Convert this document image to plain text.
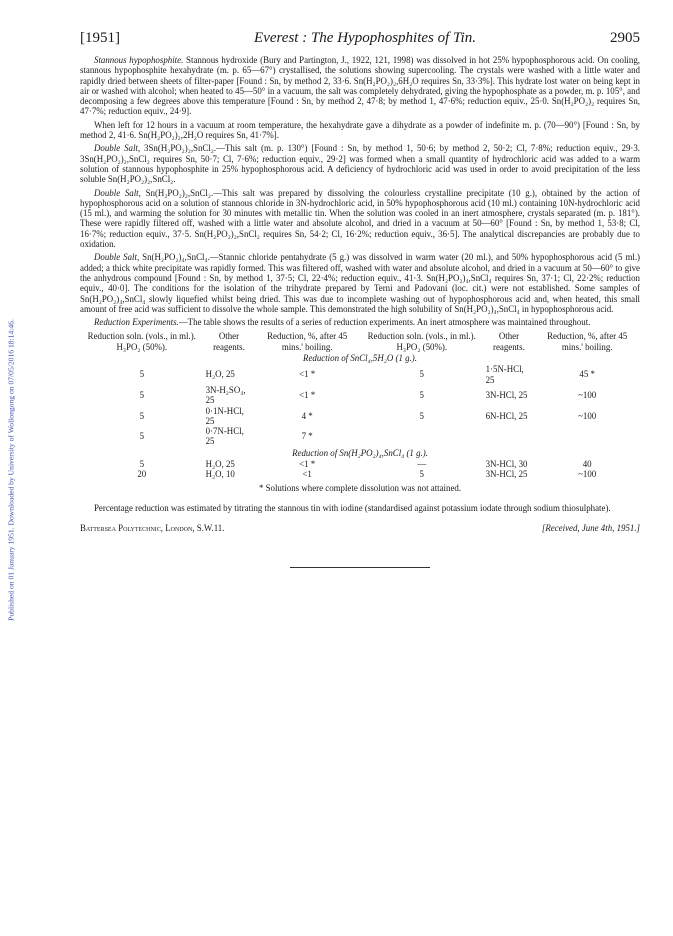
Published on 01 January 1951. Downloaded by University of Wollongong on 07/05/2016 18:14:46.
[1951]	Everest : The Hypophosphites of Tin.	2905

Stannous hypophosphite. Stannous hydroxide (Bury and Partington, J., 1922, 121, 1998) was dissolved in hot 25% hypophosphorous acid. On cooling, stannous hypophosphite hexahydrate (m. p. 65—67°) crystallised, the solutions showing supercooling. The crystals were washed with a little water and rapidly dried between sheets of filter-paper [Found : Sn, by method 2, 33·6. Sn(H₂PO₂)₂,6H₂O requires Sn, 33·3%]. This hydrate lost water on being kept in air or washed with alcohol; when heated to 45—50° in a vacuum, the salt was completely dehydrated, giving the hypophosphate as a powder, m. p. 105°, and decomposing a few degrees above this temperature [Found : Sn, by method 2, 47·8; by method 1, 47·6%; reduction equiv., 25·0. Sn(H₂PO₂)₂ requires Sn, 47·7%; reduction equiv., 24·9].

When left for 12 hours in a vacuum at room temperature, the hexahydrate gave a dihydrate as a powder of indefinite m. p. (70—90°) [Found : Sn, by method 2, 41·6. Sn(H₂PO₂)₂,2H₂O requires Sn, 41·7%].

Double Salt, 3Sn(H₂PO₂)₂,SnCl₂.—This salt (m. p. 130°) [Found : Sn, by method 1, 50·6; by method 2, 50·2; Cl, 7·8%; reduction equiv., 29·3. 3Sn(H₂PO₂)₂,SnCl₂ requires Sn, 50·7; Cl, 7·6%; reduction equiv., 29·2] was formed when a small quantity of hydrochloric acid was added to a warm solution of stannous hypophosphite in 25% hypophosphorous acid. A deficiency of hydrochloric acid was used in order to avoid precipitation of the less soluble Sn(H₂PO₂)₂,SnCl₂.

Double Salt, Sn(H₂PO₂)₂,SnCl₂.—This salt was prepared by dissolving the colourless crystalline precipitate (10 g.), obtained by the action of hypophosphorous acid on a solution of stannous chloride in 3N-hydrochloric acid, in 50% hypophosphorous acid (10 ml.) containing 10N-hydrochloric acid (15 ml.), and warming the solution for 30 minutes with metallic tin. When the solution was cooled in an inert atmosphere, crystals separated (m. p. 181°). These were rapidly filtered off, washed with a little water and absolute alcohol, and dried in a vacuum at 50—60° [Found : Sn, by method 1, 53·8; Cl, 16·7%; reduction equiv., 37·5. Sn(H₂PO₂)₂,SnCl₂ requires Sn, 54·2; Cl, 16·2%; reduction equiv., 36·5]. The analytical discrepancies are probably due to oxidation.

Double Salt, Sn(H₂PO₂)₄,SnCl₄.—Stannic chloride pentahydrate (5 g.) was dissolved in warm water (20 ml.), and 50% hypophosphorous acid (5 ml.) added; a thick white precipitate was rapidly formed. This was filtered off, washed with water and absolute alcohol, and dried in a vacuum at 50—60° to give the anhydrous compound [Found : Sn, by method 1, 37·5; Cl, 22·4%; reduction equiv., 41·3. Sn(H₂PO₂)₄,SnCl₄ requires Sn, 37·1; Cl, 22·2%; reduction equiv., 40·0]. The conditions for the isolation of the trihydrate prepared by Terni and Padovani (loc. cit.) were not established. Some samples of Sn(H₂PO₂)₄,SnCl₄ slowly liquefied whilst being dried. This was due to incomplete washing out of hypophosphorous acid and, when heated, this small amount of free acid was sufficient to dissolve the whole sample. This demonstrated the high solubility of Sn(H₂PO₂)₄,SnCl₄ in hypophosphorous acid.

Reduction Experiments.—The table shows the results of a series of reduction experiments. An inert atmosphere was maintained throughout.

Reduction soln. (vols., in ml.). H₃PO₂ (50%).	Other reagents.	Reduction, %, after 45 mins.' boiling.	Reduction soln. (vols., in ml.). H₃PO₂ (50%).	Other reagents.	Reduction, %, after 45 mins.' boiling.
Reduction of SnCl₄,5H₂O (1 g.).					
5	H₂O, 25	<1 *	5	1·5N-HCl, 25	45 *
5	3N-H₂SO₄, 25	<1 *	5	3N-HCl, 25	~100
5	0·1N-HCl, 25	4 *	5	6N-HCl, 25	~100
5	0·7N-HCl, 25	7 *			
Reduction of Sn(H₂PO₂)₄,SnCl₄ (1 g.).					
5	H₂O, 25	<1 *	—	3N-HCl, 30	40
20	H₂O, 10	<1	5	3N-HCl, 25	~100
* Solutions where complete dissolution was not attained.

Percentage reduction was estimated by titrating the stannous tin with iodine (standardised against potassium iodate through sodium thiosulphate).

Battersea Polytechnic, London, S.W.11.	[Received, June 4th, 1951.]
